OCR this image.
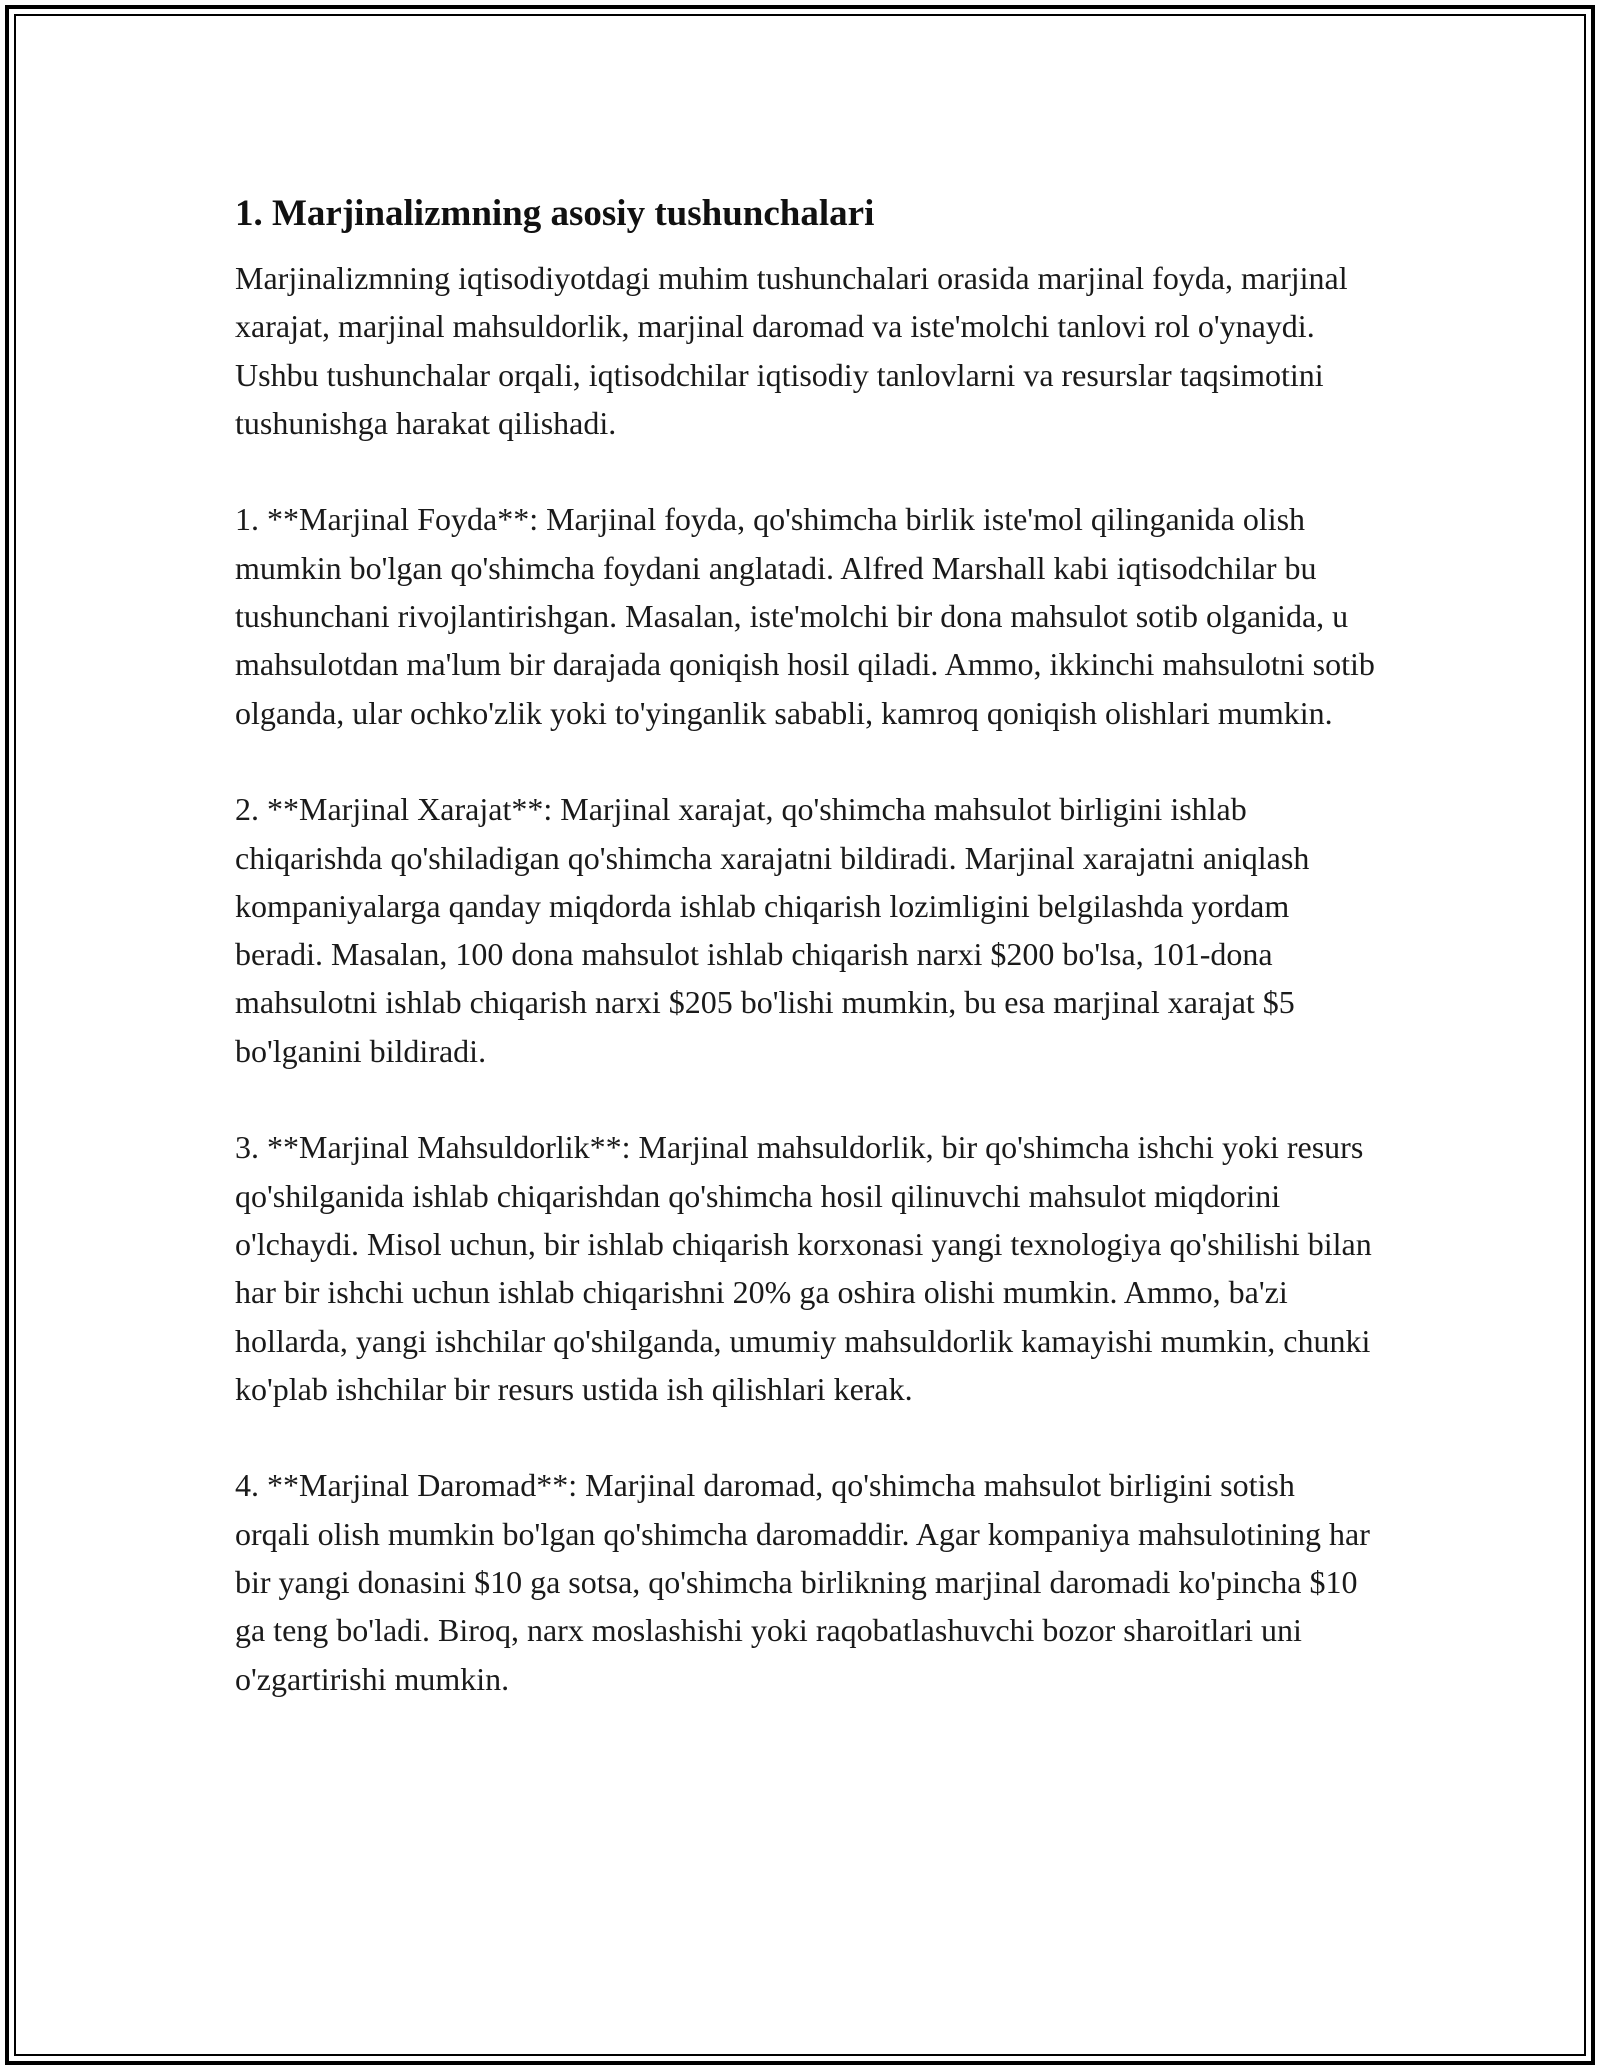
1. Marjinalizmning asosiy tushunchalari

Marjinalizmning iqtisodiyotdagi muhim tushunchalari orasida marjinal foyda, marjinal xarajat, marjinal mahsuldorlik, marjinal daromad va iste'molchi tanlovi rol o'ynaydi. Ushbu tushunchalar orqali, iqtisodchilar iqtisodiy tanlovlarni va resurslar taqsimotini tushunishga harakat qilishadi.

1. **Marjinal Foyda**: Marjinal foyda, qo'shimcha birlik iste'mol qilinganida olish mumkin bo'lgan qo'shimcha foydani anglatadi. Alfred Marshall kabi iqtisodchilar bu tushunchani rivojlantirishgan. Masalan, iste'molchi bir dona mahsulot sotib olganida, u mahsulotdan ma'lum bir darajada qoniqish hosil qiladi. Ammo, ikkinchi mahsulotni sotib olganda, ular ochko'zlik yoki to'yinganlik sababli, kamroq qoniqish olishlari mumkin.

2. **Marjinal Xarajat**: Marjinal xarajat, qo'shimcha mahsulot birligini ishlab chiqarishda qo'shiladigan qo'shimcha xarajatni bildiradi. Marjinal xarajatni aniqlash kompaniyalarga qanday miqdorda ishlab chiqarish lozimligini belgilashda yordam beradi. Masalan, 100 dona mahsulot ishlab chiqarish narxi $200 bo'lsa, 101-dona mahsulotni ishlab chiqarish narxi $205 bo'lishi mumkin, bu esa marjinal xarajat $5 bo'lganini bildiradi.

3. **Marjinal Mahsuldorlik**: Marjinal mahsuldorlik, bir qo'shimcha ishchi yoki resurs qo'shilganida ishlab chiqarishdan qo'shimcha hosil qilinuvchi mahsulot miqdorini o'lchaydi. Misol uchun, bir ishlab chiqarish korxonasi yangi texnologiya qo'shilishi bilan har bir ishchi uchun ishlab chiqarishni 20% ga oshira olishi mumkin. Ammo, ba'zi hollarda, yangi ishchilar qo'shilganda, umumiy mahsuldorlik kamayishi mumkin, chunki ko'plab ishchilar bir resurs ustida ish qilishlari kerak.

4. **Marjinal Daromad**: Marjinal daromad, qo'shimcha mahsulot birligini sotish orqali olish mumkin bo'lgan qo'shimcha daromaddir. Agar kompaniya mahsulotining har bir yangi donasini $10 ga sotsa, qo'shimcha birlikning marjinal daromadi ko'pincha $10 ga teng bo'ladi. Biroq, narx moslashishi yoki raqobatlashuvchi bozor sharoitlari uni o'zgartirishi mumkin.
